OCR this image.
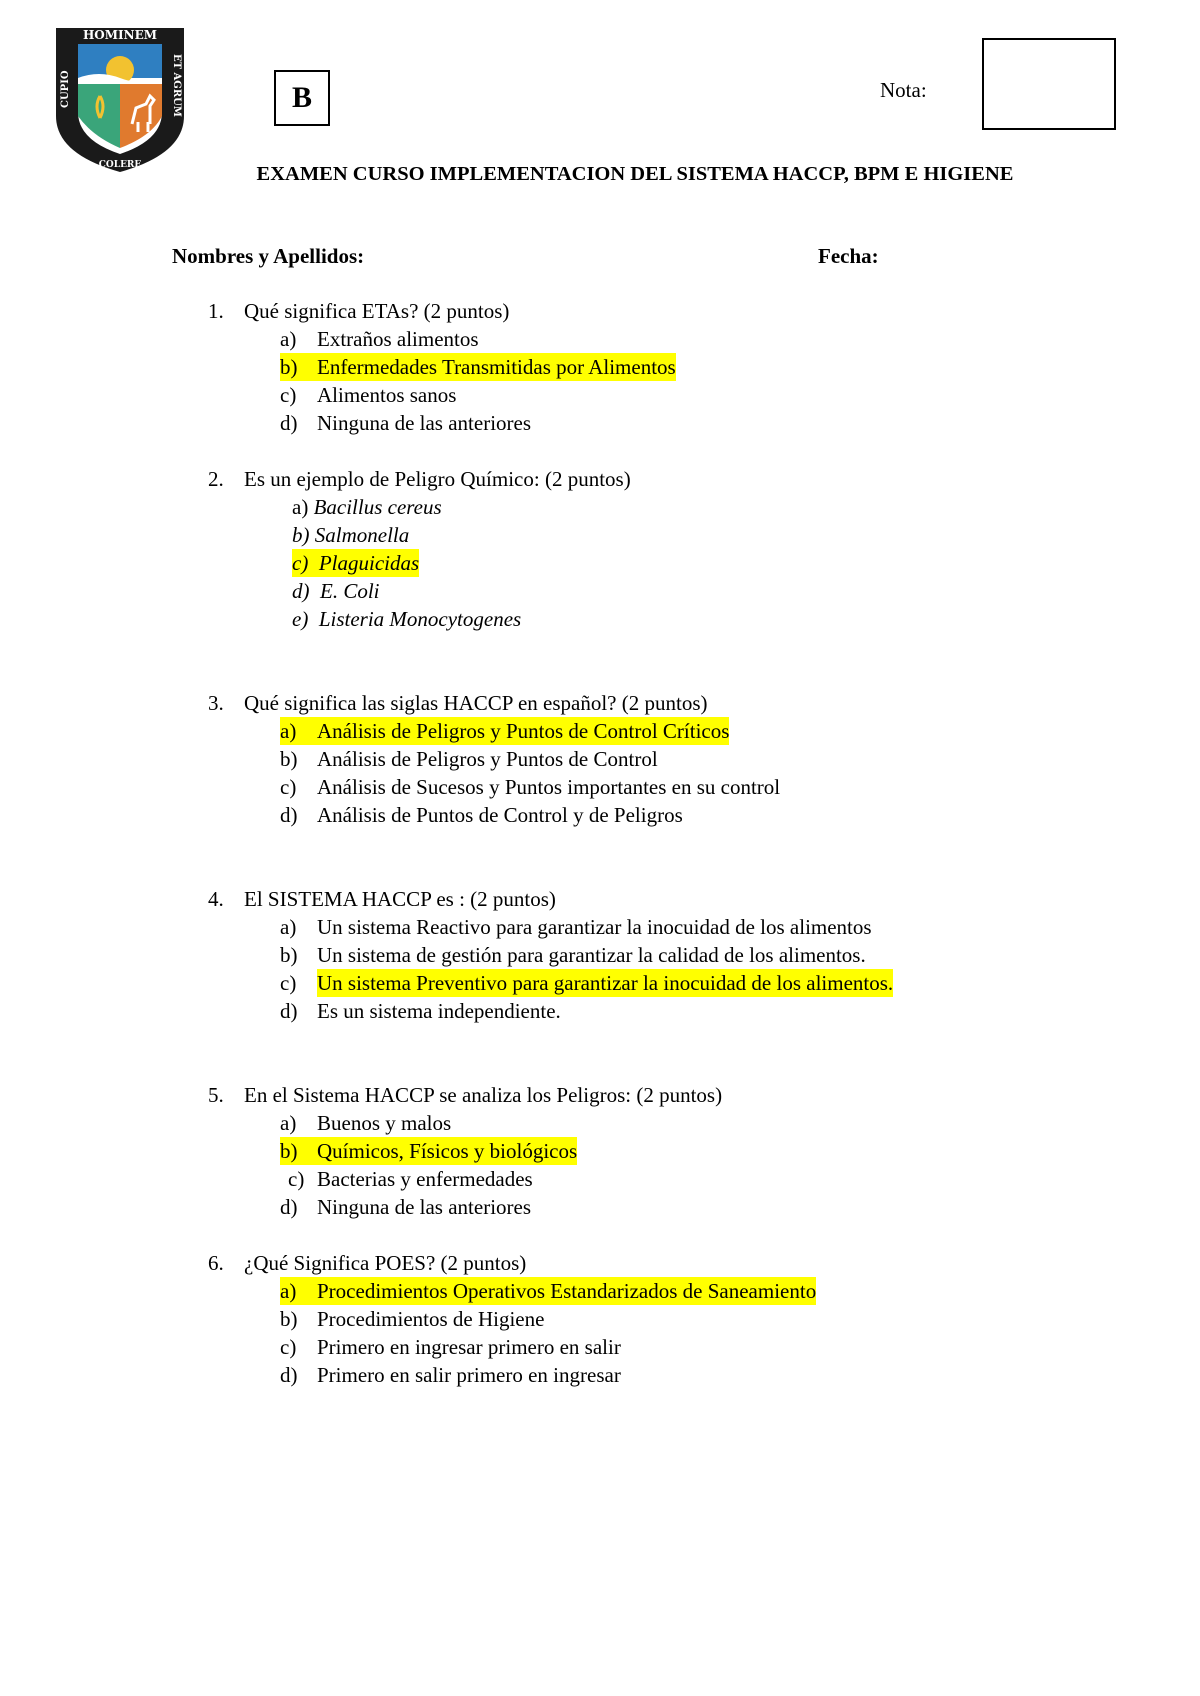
HOMINEM
ET AGRUM
CUPIO
COLERE
B	Nota:
EXAMEN CURSO IMPLEMENTACION DEL SISTEMA HACCP, BPM E HIGIENE
Nombres y Apellidos:	Fecha:
1. Qué significa ETAs? (2 puntos)
a) Extraños alimentos
b) Enfermedades Transmitidas por Alimentos
c) Alimentos sanos
d) Ninguna de las anteriores
2. Es un ejemplo de Peligro Químico: (2 puntos)
a) Bacillus cereus
b) Salmonella
c) Plaguicidas
d) E. Coli
e) Listeria Monocytogenes
3. Qué significa las siglas HACCP en español? (2 puntos)
a) Análisis de Peligros y Puntos de Control Críticos
b) Análisis de Peligros y Puntos de Control
c) Análisis de Sucesos y Puntos importantes en su control
d) Análisis de Puntos de Control y de Peligros
4. El SISTEMA HACCP es : (2 puntos)
a) Un sistema Reactivo para garantizar la inocuidad de los alimentos
b) Un sistema de gestión para garantizar la calidad de los alimentos.
c) Un sistema Preventivo para garantizar la inocuidad de los alimentos.
d) Es un sistema independiente.
5. En el Sistema HACCP se analiza los Peligros: (2 puntos)
a) Buenos y malos
b) Químicos, Físicos y biológicos
c) Bacterias y enfermedades
d) Ninguna de las anteriores
6. ¿Qué Significa POES? (2 puntos)
a) Procedimientos Operativos Estandarizados de Saneamiento
b) Procedimientos de Higiene
c) Primero en ingresar primero en salir
d) Primero en salir primero en ingresar
